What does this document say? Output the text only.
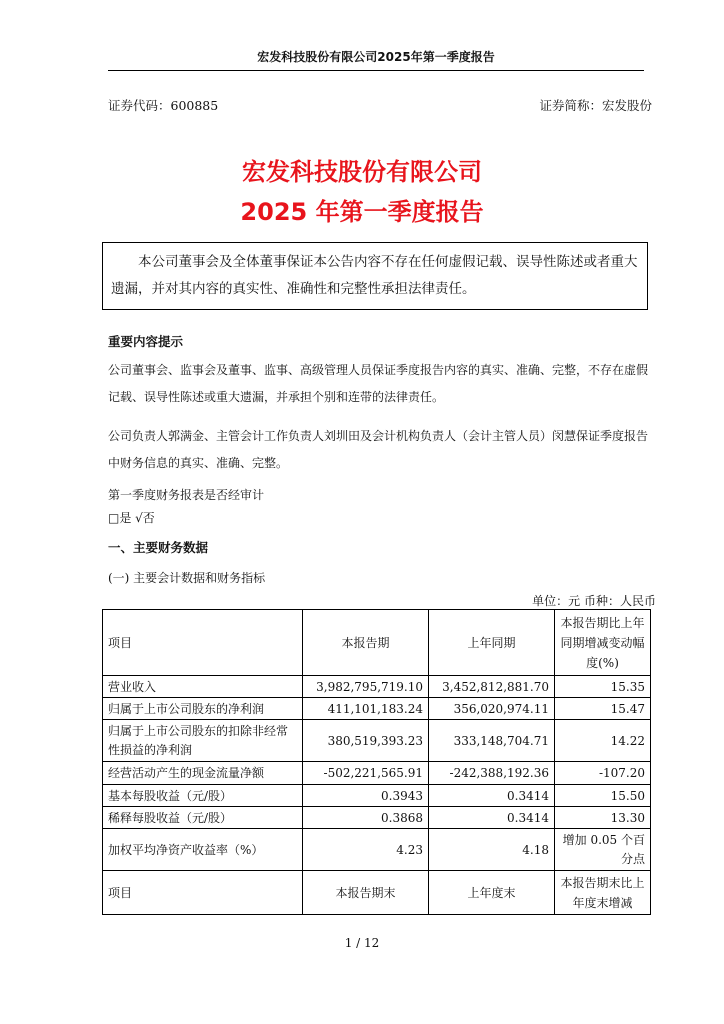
宏发科技股份有限公司2025年第一季度报告
证券代码：600885	证券简称：宏发股份
宏发科技股份有限公司
2025 年第一季度报告
本公司董事会及全体董事保证本公告内容不存在任何虚假记载、误导性陈述或者重大遗漏，并对其内容的真实性、准确性和完整性承担法律责任。
重要内容提示
公司董事会、监事会及董事、监事、高级管理人员保证季度报告内容的真实、准确、完整，不存在虚假记载、误导性陈述或重大遗漏，并承担个别和连带的法律责任。
公司负责人郭满金、主管会计工作负责人刘圳田及会计机构负责人（会计主管人员）闵慧保证季度报告中财务信息的真实、准确、完整。
第一季度财务报表是否经审计
□是 √否
一、主要财务数据
(一) 主要会计数据和财务指标
单位：元 币种：人民币
项目	本报告期	上年同期	本报告期比上年同期增减变动幅度(%)
营业收入	3,982,795,719.10	3,452,812,881.70	15.35
归属于上市公司股东的净利润	411,101,183.24	356,020,974.11	15.47
归属于上市公司股东的扣除非经常性损益的净利润	380,519,393.23	333,148,704.71	14.22
经营活动产生的现金流量净额	-502,221,565.91	-242,388,192.36	-107.20
基本每股收益（元/股）	0.3943	0.3414	15.50
稀释每股收益（元/股）	0.3868	0.3414	13.30
加权平均净资产收益率（%）	4.23	4.18	增加 0.05 个百分点
项目	本报告期末	上年度末	本报告期末比上年度末增减
1 / 12
